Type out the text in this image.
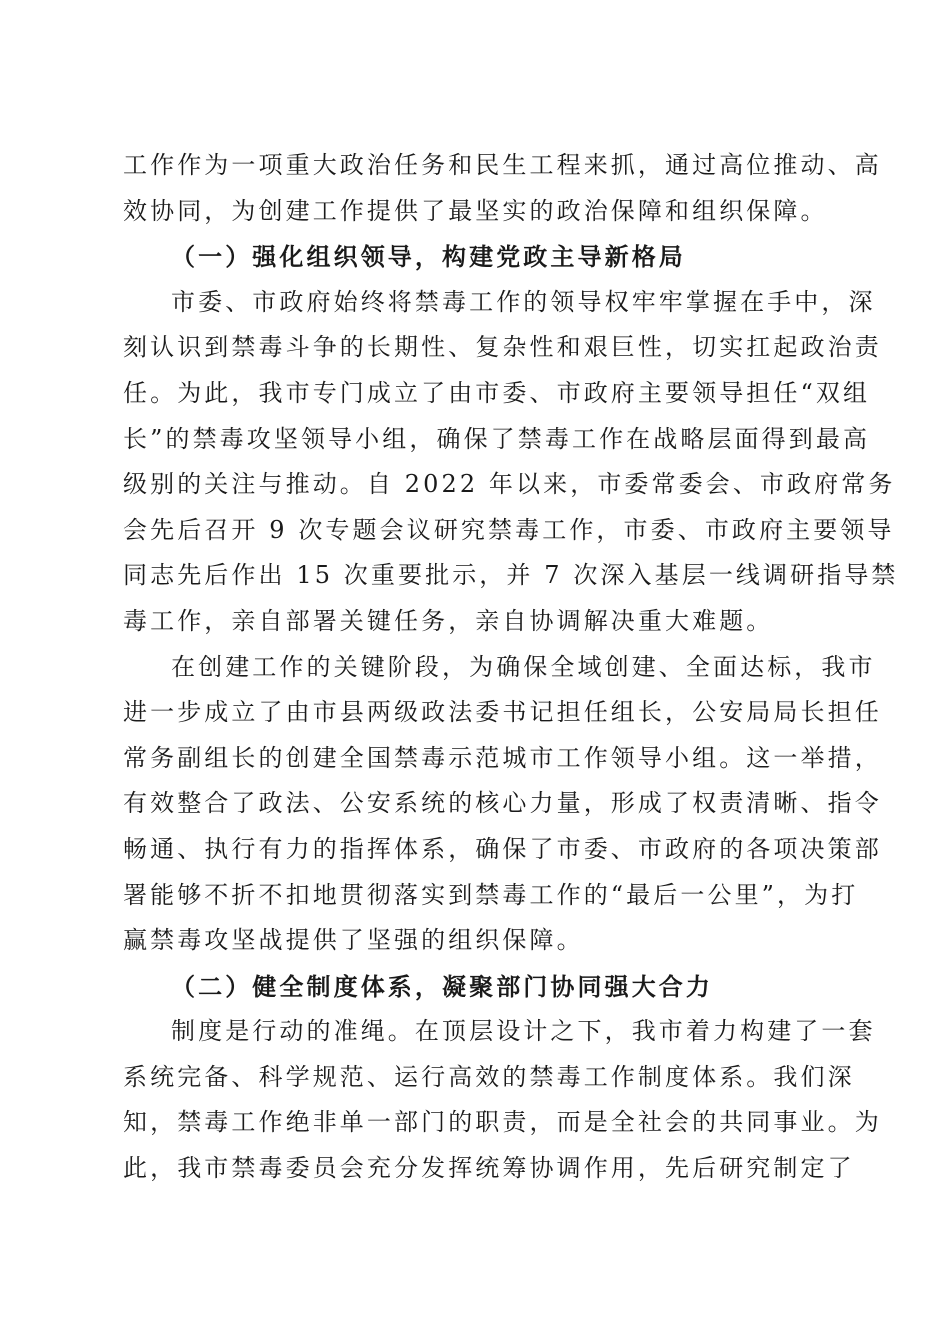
工作作为一项重大政治任务和民生工程来抓，通过高位推动、高
效协同，为创建工作提供了最坚实的政治保障和组织保障。
（一）强化组织领导，构建党政主导新格局
市委、市政府始终将禁毒工作的领导权牢牢掌握在手中，深
刻认识到禁毒斗争的长期性、复杂性和艰巨性，切实扛起政治责
任。为此，我市专门成立了由市委、市政府主要领导担任“双组
长”的禁毒攻坚领导小组，确保了禁毒工作在战略层面得到最高
级别的关注与推动。自 2022 年以来，市委常委会、市政府常务
会先后召开 9 次专题会议研究禁毒工作，市委、市政府主要领导
同志先后作出 15 次重要批示，并 7 次深入基层一线调研指导禁
毒工作，亲自部署关键任务，亲自协调解决重大难题。
在创建工作的关键阶段，为确保全域创建、全面达标，我市
进一步成立了由市县两级政法委书记担任组长，公安局局长担任
常务副组长的创建全国禁毒示范城市工作领导小组。这一举措，
有效整合了政法、公安系统的核心力量，形成了权责清晰、指令
畅通、执行有力的指挥体系，确保了市委、市政府的各项决策部
署能够不折不扣地贯彻落实到禁毒工作的“最后一公里”，为打
赢禁毒攻坚战提供了坚强的组织保障。
（二）健全制度体系，凝聚部门协同强大合力
制度是行动的准绳。在顶层设计之下，我市着力构建了一套
系统完备、科学规范、运行高效的禁毒工作制度体系。我们深
知，禁毒工作绝非单一部门的职责，而是全社会的共同事业。为
此，我市禁毒委员会充分发挥统筹协调作用，先后研究制定了
